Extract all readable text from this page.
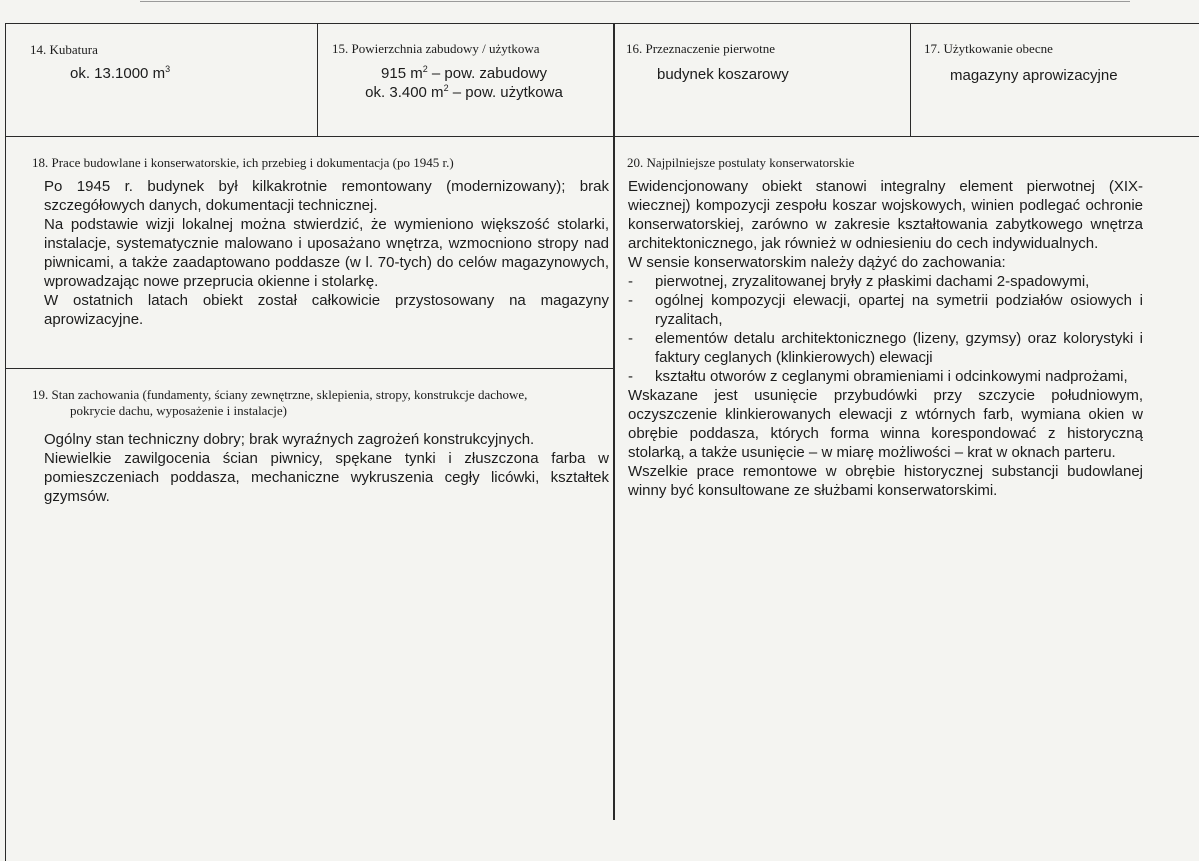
14. Kubatura
ok. 13.1000 $m^3$
15. Powierzchnia zabudowy / użytkowa
915 $m^2$ – pow. zabudowy
ok. 3.400 $m^2$ – pow. użytkowa
16. Przeznaczenie pierwotne
budynek koszarowy
17. Użytkowanie obecne
magazyny aprowizacyjne
18. Prace budowlane i konserwatorskie, ich przebieg i dokumentacja (po 1945 r.)

Po 1945 r. budynek był kilkakrotnie remontowany (modernizowany); brak szczegółowych danych, dokumentacji technicznej.

Na podstawie wizji lokalnej można stwierdzić, że wymieniono większość stolarki, instalacje, systematycznie malowano i uposażano wnętrza, wzmocniono stropy nad piwnicami, a także zaadaptowano poddasze (w l. 70-tych) do celów magazynowych, wprowadzając nowe przeprucia okienne i stolarkę.

W ostatnich latach obiekt został całkowicie przystosowany na magazyny aprowizacyjne.

19. Stan zachowania (fundamenty, ściany zewnętrzne, sklepienia, stropy, konstrukcje dachowe,
pokrycie dachu, wyposażenie i instalacje)

Ogólny stan techniczny dobry; brak wyraźnych zagrożeń konstrukcyjnych.

Niewielkie zawilgocenia ścian piwnicy, spękane tynki i złuszczona farba w pomieszczeniach poddasza, mechaniczne wykruszenia cegły licówki, kształtek gzymsów.

20. Najpilniejsze postulaty konserwatorskie

Ewidencjonowany obiekt stanowi integralny element pierwotnej (XIX-wiecznej) kompozycji zespołu koszar wojskowych, winien podlegać ochronie konserwatorskiej, zarówno w zakresie kształtowania zabytkowego wnętrza architektonicznego, jak również w odniesieniu do cech indywidualnych.

W sensie konserwatorskim należy dążyć do zachowania:

- pierwotnej, zryzalitowanej bryły z płaskimi dachami 2-spadowymi,
- ogólnej kompozycji elewacji, opartej na symetrii podziałów osiowych i ryzalitach,
- elementów detalu architektonicznego (lizeny, gzymsy) oraz kolorystyki i faktury ceglanych (klinkierowych) elewacji
- kształtu otworów z ceglanymi obramieniami i odcinkowymi nadprożami,

Wskazane jest usunięcie przybudówki przy szczycie południowym, oczyszczenie klinkierowanych elewacji z wtórnych farb, wymiana okien w obrębie poddasza, których forma winna korespondować z historyczną stolarką, a także usunięcie – w miarę możliwości – krat w oknach parteru.

Wszelkie prace remontowe w obrębie historycznej substancji budowlanej winny być konsultowane ze służbami konserwatorskimi.
